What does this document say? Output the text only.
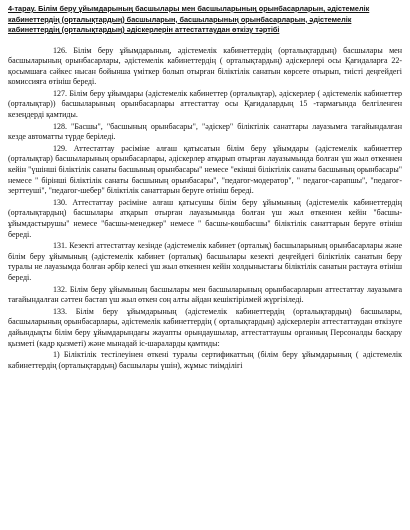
4-тарау. Білім беру ұйымдарының басшылары мен басшыларының орынбасарларын, әдістемелік кабинеттердің (орталықтардың) басшыларын, басшыларының орынбасарларын, әдістемелік кабинеттердің (орталықтардың) әдіскерлерін аттестаттаудан өткізу тәртібі

126. Білім беру ұйымдарының, әдістемелік кабинеттердің (орталықтардың) басшылары мен басшыларының орынбасарлары, әдістемелік кабинеттердің ( орталықтардың) әдіскерлері осы Қағидаларға 22-қосымшаға сәйкес нысан бойынша үміткер болып отырған біліктілік санатын көрсете отырып, тиісті деңгейдегі комиссияға өтініш береді.

127. Білім беру ұйымдары (әдістемелік кабинеттер (орталықтар), әдіскерлер ( әдістемелік кабинеттер (орталықтар)) басшыларының орынбасарлары аттестаттау осы Қағидалардың 15 -тармағында белгіленген кезеңдерді қамтиды.

128. "Басшы", "басшының орынбасары", "әдіскер" біліктілік санаттары лауазымға тағайындалған кезде автоматты түрде беріледі.

129. Аттестаттау рәсіміне алғаш қатысатын білім беру ұйымдары (әдістемелік кабинеттер (орталықтар) басшыларының орынбасарлары, әдіскерлер атқарып отырған лауазымында болған үш жыл өткеннен кейін "үшінші біліктілік санаты басшының орынбасары" немесе "екінші біліктілік санаты басшының орынбасары" немесе " бірінші біліктілік санаты басшының орынбасары", "педагог-модератор", " педагог-сарапшы", "педагог-зерттеуші", "педагог-шебер" біліктілік санаттарын беруге өтініш береді.

130. Аттестаттау рәсіміне алғаш қатысушы білім беру ұйымының (әдістемелік кабинеттердің (орталықтардың) басшылары атқарып отырған лауазымында болған үш жыл өткеннен кейін "басшы-ұйымдастырушы" немесе "басшы-менеджер" немесе " басшы-көшбасшы" біліктілік санаттарын беруге өтініш береді.

131. Кезекті аттестаттау кезінде (әдістемелік кабинет (орталық) басшыларының орынбасарлары және білім беру ұйымының (әдістемелік кабинет (орталық) басшылары кезекті деңгейдегі біліктілік санатын беру туралы не лауазымда болған әрбір келесі үш жыл өткеннен кейін холдыныстағы біліктілік санатын растауға өтініш береді.

132. Білім беру ұйымының басшылары мен басшыларының орынбасарларын аттестаттау лауазымға тағайындалған сәттен бастап үш жыл өткен соң алты айдан кешіктірілмей жүргізіледі.

133. Білім беру ұйымдарының (әдістемелік кабинеттердің (орталықтардың) басшылары, басшыларының орынбасарлары, әдістемелік кабинеттердің ( орталықтардың) әдіскерлерін аттестаттаудан өткізуге дайындықты білім беру ұйымдарындағы жауапты орындаушылар, аттестаттаушы органның Персоналды басқару қызметі (кадр қызметі) және мынадай іс-шараларды қамтиды:

1) Біліктілік тестілеуінен өткені туралы сертификаттың (білім беру ұйымдарының ( әдістемелік кабинеттердің (орталықтардың) басшылары үшін), жұмыс тиімділігі
